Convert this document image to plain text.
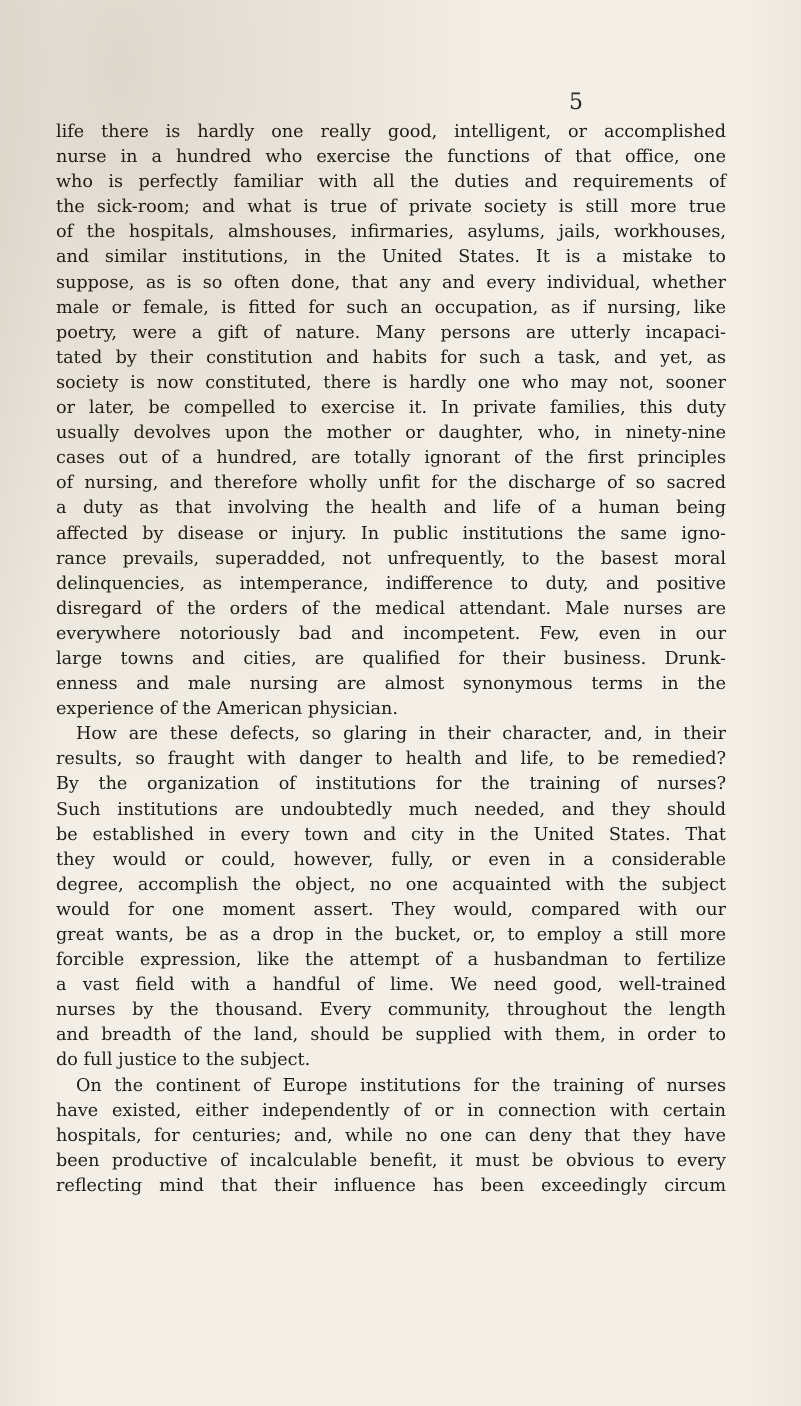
5
life there is hardly one really good, intelligent, or accomplished
nurse in a hundred who exercise the functions of that office, one
who is perfectly familiar with all the duties and requirements of
the sick-room; and what is true of private society is still more true
of the hospitals, almshouses, infirmaries, asylums, jails, workhouses,
and similar institutions, in the United States. It is a mistake to
suppose, as is so often done, that any and every individual, whether
male or female, is fitted for such an occupation, as if nursing, like
poetry, were a gift of nature. Many persons are utterly incapaci-
tated by their constitution and habits for such a task, and yet, as
society is now constituted, there is hardly one who may not, sooner
or later, be compelled to exercise it. In private families, this duty
usually devolves upon the mother or daughter, who, in ninety-nine
cases out of a hundred, are totally ignorant of the first principles
of nursing, and therefore wholly unfit for the discharge of so sacred
a duty as that involving the health and life of a human being
affected by disease or injury. In public institutions the same igno-
rance prevails, superadded, not unfrequently, to the basest moral
delinquencies, as intemperance, indifference to duty, and positive
disregard of the orders of the medical attendant. Male nurses are
everywhere notoriously bad and incompetent. Few, even in our
large towns and cities, are qualified for their business. Drunk-
enness and male nursing are almost synonymous terms in the
experience of the American physician.
How are these defects, so glaring in their character, and, in their
results, so fraught with danger to health and life, to be remedied?
By the organization of institutions for the training of nurses?
Such institutions are undoubtedly much needed, and they should
be established in every town and city in the United States. That
they would or could, however, fully, or even in a considerable
degree, accomplish the object, no one acquainted with the subject
would for one moment assert. They would, compared with our
great wants, be as a drop in the bucket, or, to employ a still more
forcible expression, like the attempt of a husbandman to fertilize
a vast field with a handful of lime. We need good, well-trained
nurses by the thousand. Every community, throughout the length
and breadth of the land, should be supplied with them, in order to
do full justice to the subject.
On the continent of Europe institutions for the training of nurses
have existed, either independently of or in connection with certain
hospitals, for centuries; and, while no one can deny that they have
been productive of incalculable benefit, it must be obvious to every
reflecting mind that their influence has been exceedingly circum
